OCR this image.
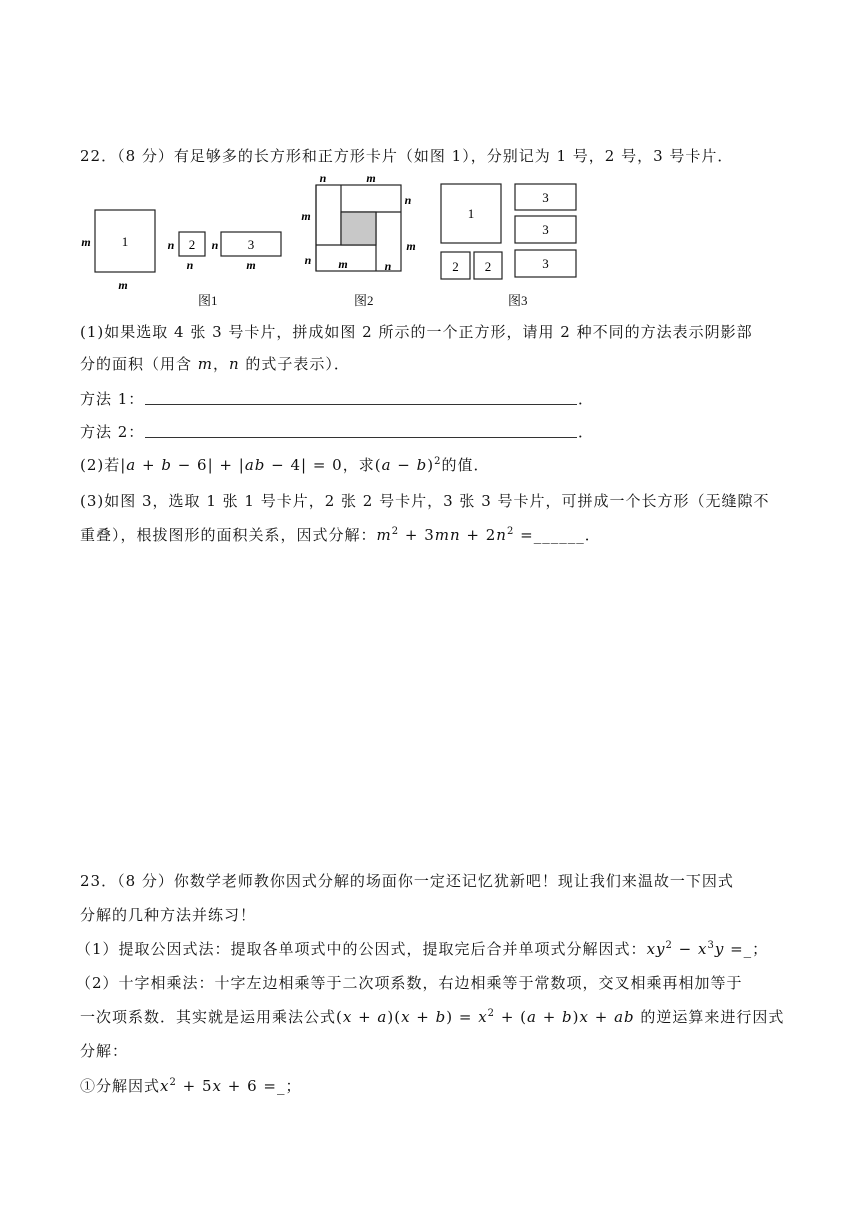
22．（8 分）有足够多的长方形和正方形卡片（如图 1），分别记为 1 号，2 号，3 号卡片．
1
m
m
2
n
n
3
n
m
图1
n	m
n
m
m
n m	n
图2
1
2 2
3
3
3
图3
(1)如果选取 4 张 3 号卡片，拼成如图 2 所示的一个正方形，请用 2 种不同的方法表示阴影部
分的面积（用含 𝑚，𝑛 的式子表示）．
方法 1：	．
方法 2：	．
(2)若|𝑎 + 𝑏 − 6| + |𝑎𝑏 − 4| = 0，求(𝑎 − 𝑏)$^2$的值．
(3)如图 3，选取 1 张 1 号卡片，2 张 2 号卡片，3 张 3 号卡片，可拼成一个长方形（无缝隙不
重叠），根拔图形的面积关系，因式分解：𝑚$^2$ + 3𝑚𝑛 + 2𝑛$^2$ =______．
23．（8 分）你数学老师教你因式分解的场面你一定还记忆犹新吧！现让我们来温故一下因式
分解的几种方法并练习！
（1）提取公因式法：提取各单项式中的公因式，提取完后合并单项式分解因式：𝑥𝑦$^2$ − 𝑥$^3$𝑦 =_；
（2）十字相乘法：十字左边相乘等于二次项系数，右边相乘等于常数项，交叉相乘再相加等于
一次项系数．其实就是运用乘法公式(𝑥 + 𝑎)(𝑥 + 𝑏) = 𝑥$^2$ + (𝑎 + 𝑏)𝑥 + 𝑎𝑏 的逆运算来进行因式
分解：
①分解因式𝑥$^2$ + 5𝑥 + 6 =_；
